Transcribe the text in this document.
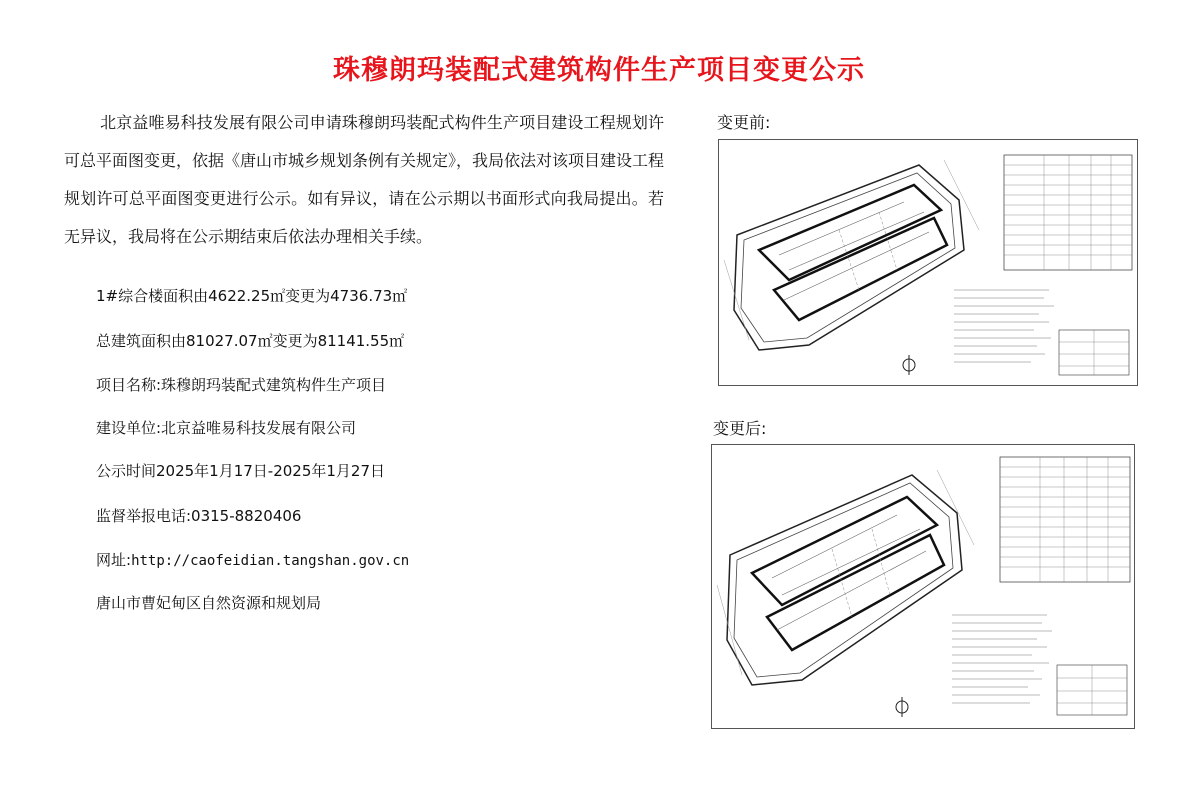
珠穆朗玛装配式建筑构件生产项目变更公示
北京益唯易科技发展有限公司申请珠穆朗玛装配式构件生产项目建设工程规划许可总平面图变更，依据《唐山市城乡规划条例有关规定》，我局依法对该项目建设工程规划许可总平面图变更进行公示。如有异议，请在公示期以书面形式向我局提出。若无异议，我局将在公示期结束后依法办理相关手续。
1#综合楼面积由4622.25㎡变更为4736.73㎡
总建筑面积由81027.07㎡变更为81141.55㎡
项目名称:珠穆朗玛装配式建筑构件生产项目
建设单位:北京益唯易科技发展有限公司
公示时间2025年1月17日-2025年1月27日
监督举报电话:0315-8820406
网址:http://caofeidian.tangshan.gov.cn
唐山市曹妃甸区自然资源和规划局
变更前:
变更后:
